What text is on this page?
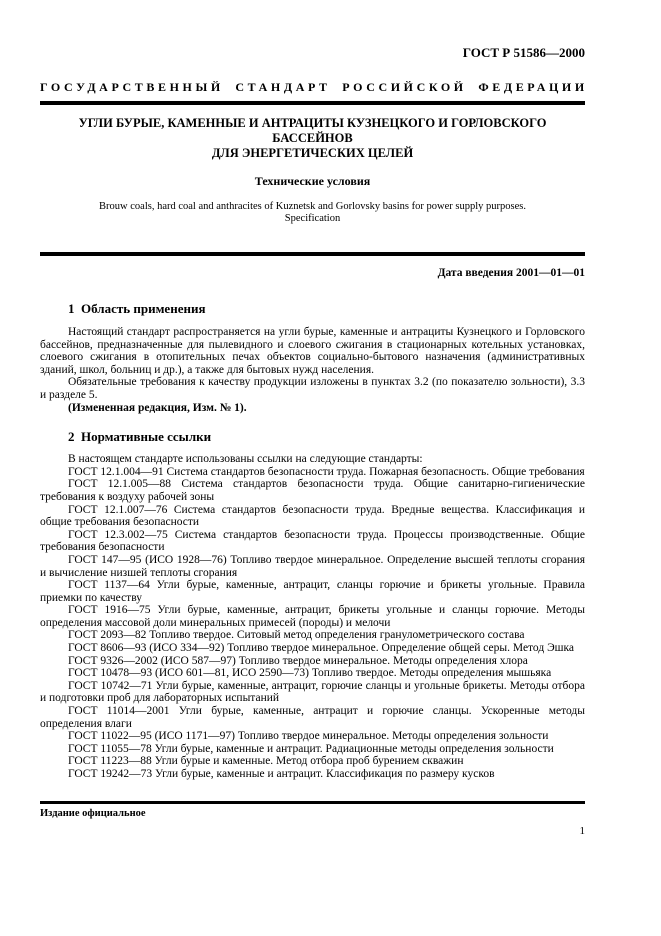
ГОСТ Р 51586—2000
ГОСУДАРСТВЕННЫЙ СТАНДАРТ РОССИЙСКОЙ ФЕДЕРАЦИИ
УГЛИ БУРЫЕ, КАМЕННЫЕ И АНТРАЦИТЫ КУЗНЕЦКОГО И ГОРЛОВСКОГО БАССЕЙНОВ
ДЛЯ ЭНЕРГЕТИЧЕСКИХ ЦЕЛЕЙ
Технические условия
Brouw coals, hard coal and anthracites of Kuznetsk and Gorlovsky basins for power supply purposes.
Specification
Дата введения 2001—01—01
1  Область применения

Настоящий стандарт распространяется на угли бурые, каменные и антрациты Кузнецкого и Горловского бассейнов, предназначенные для пылевидного и слоевого сжигания в стационарных котельных установках, слоевого сжигания в отопительных печах объектов социально-бытового назначения (административных зданий, школ, больниц и др.), а также для бытовых нужд населения.

Обязательные требования к качеству продукции изложены в пунктах 3.2 (по показателю зольности), 3.3 и разделе 5.

(Измененная редакция, Изм. № 1).

2  Нормативные ссылки

В настоящем стандарте использованы ссылки на следующие стандарты:

ГОСТ 12.1.004—91 Система стандартов безопасности труда. Пожарная безопасность. Общие требования

ГОСТ 12.1.005—88 Система стандартов безопасности труда. Общие санитарно-гигиенические требования к воздуху рабочей зоны

ГОСТ 12.1.007—76 Система стандартов безопасности труда. Вредные вещества. Классификация и общие требования безопасности

ГОСТ 12.3.002—75 Система стандартов безопасности труда. Процессы производственные. Общие требования безопасности

ГОСТ 147—95 (ИСО 1928—76) Топливо твердое минеральное. Определение высшей теплоты сгорания и вычисление низшей теплоты сгорания

ГОСТ 1137—64 Угли бурые, каменные, антрацит, сланцы горючие и брикеты угольные. Правила приемки по качеству

ГОСТ 1916—75 Угли бурые, каменные, антрацит, брикеты угольные и сланцы горючие. Методы определения массовой доли минеральных примесей (породы) и мелочи

ГОСТ 2093—82 Топливо твердое. Ситовый метод определения гранулометрического состава

ГОСТ 8606—93 (ИСО 334—92) Топливо твердое минеральное. Определение общей серы. Метод Эшка

ГОСТ 9326—2002 (ИСО 587—97) Топливо твердое минеральное. Методы определения хлора

ГОСТ 10478—93 (ИСО 601—81, ИСО 2590—73) Топливо твердое. Методы определения мышьяка

ГОСТ 10742—71 Угли бурые, каменные, антрацит, горючие сланцы и угольные брикеты. Методы отбора и подготовки проб для лабораторных испытаний

ГОСТ 11014—2001 Угли бурые, каменные, антрацит и горючие сланцы. Ускоренные методы определения влаги

ГОСТ 11022—95 (ИСО 1171—97) Топливо твердое минеральное. Методы определения зольности

ГОСТ 11055—78 Угли бурые, каменные и антрацит. Радиационные методы определения зольности

ГОСТ 11223—88 Угли бурые и каменные. Метод отбора проб бурением скважин

ГОСТ 19242—73 Угли бурые, каменные и антрацит. Классификация по размеру кусков

Издание официальное
1
